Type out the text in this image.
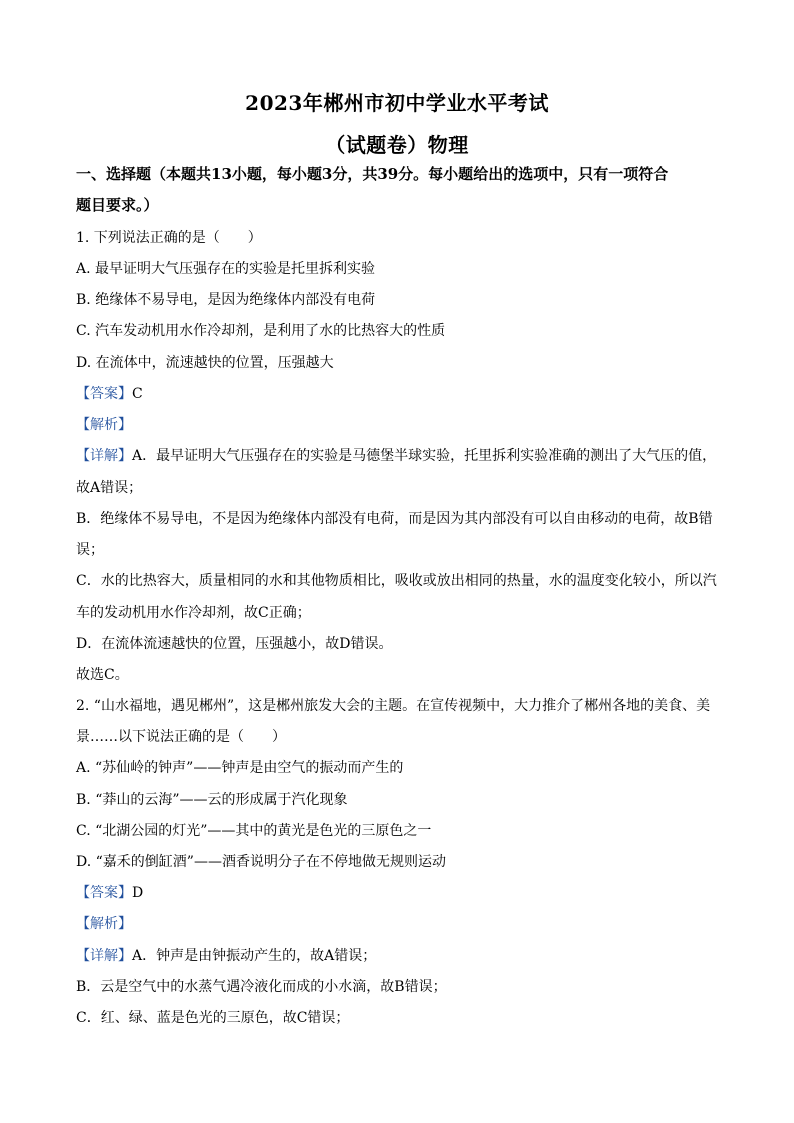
2023年郴州市初中学业水平考试
（试题卷）物理
一、选择题（本题共13小题，每小题3分，共39分。每小题给出的选项中，只有一项符合
题目要求。）
1. 下列说法正确的是（　　）
A. 最早证明大气压强存在的实验是托里拆利实验
B. 绝缘体不易导电，是因为绝缘体内部没有电荷
C. 汽车发动机用水作冷却剂，是利用了水的比热容大的性质
D. 在流体中，流速越快的位置，压强越大
【答案】C
【解析】
【详解】A．最早证明大气压强存在的实验是马德堡半球实验，托里拆利实验准确的测出了大气压的值，
故A错误；
B．绝缘体不易导电，不是因为绝缘体内部没有电荷，而是因为其内部没有可以自由移动的电荷，故B错
误；
C．水的比热容大，质量相同的水和其他物质相比，吸收或放出相同的热量，水的温度变化较小，所以汽
车的发动机用水作冷却剂，故C正确；
D．在流体流速越快的位置，压强越小，故D错误。
故选C。
2. “山水福地，遇见郴州”，这是郴州旅发大会的主题。在宣传视频中，大力推介了郴州各地的美食、美
景……以下说法正确的是（　　）
A. “苏仙岭的钟声”——钟声是由空气的振动而产生的
B. “莽山的云海”——云的形成属于汽化现象
C. “北湖公园的灯光”——其中的黄光是色光的三原色之一
D. “嘉禾的倒缸酒”——酒香说明分子在不停地做无规则运动
【答案】D
【解析】
【详解】A．钟声是由钟振动产生的，故A错误；
B．云是空气中的水蒸气遇冷液化而成的小水滴，故B错误；
C．红、绿、蓝是色光的三原色，故C错误；
